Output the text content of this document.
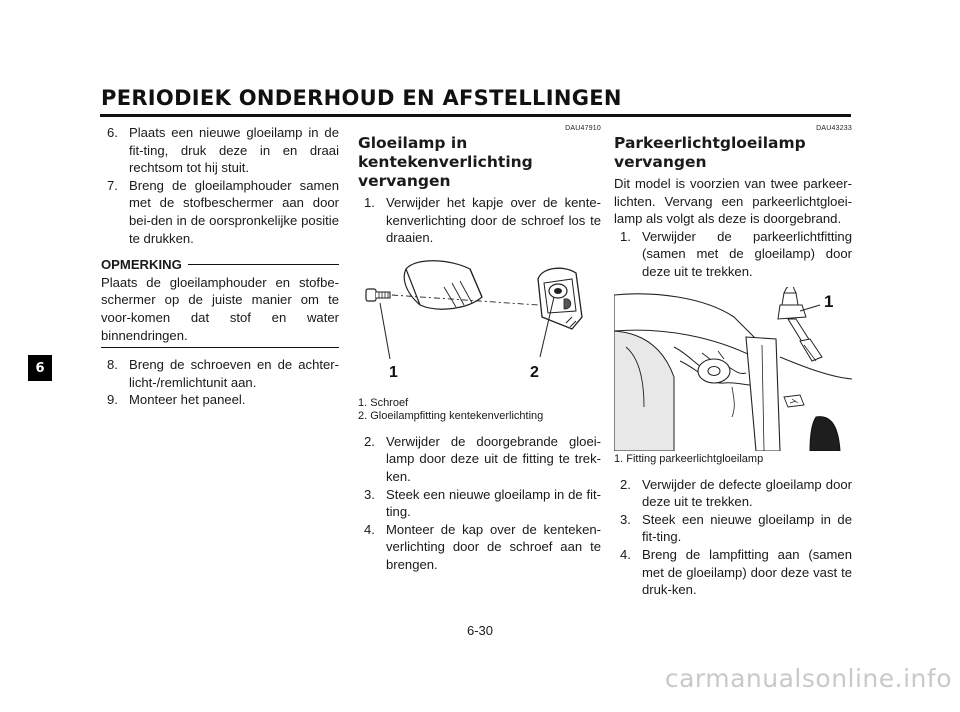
PERIODIEK ONDERHOUD EN AFSTELLINGEN
6
6. Plaats een nieuwe gloeilamp in de fit-ting, druk deze in en draai rechtsom tot hij stuit.
7. Breng de gloeilamphouder samen met de stofbeschermer aan door bei-den in de oorspronkelijke positie te drukken.
OPMERKING
Plaats de gloeilamphouder en stofbe-schermer op de juiste manier om te voor-komen dat stof en water binnendringen.
8. Breng de schroeven en de achter-licht-/remlichtunit aan.
9. Monteer het paneel.
DAU47910
Gloeilamp in kentekenverlichting vervangen
1. Verwijder het kapje over de kente-kenverlichting door de schroef los te draaien.
1	2
1. Schroef
2. Gloeilampfitting kentekenverlichting
2. Verwijder de doorgebrande gloei-lamp door deze uit de fitting te trek-ken.
3. Steek een nieuwe gloeilamp in de fit-ting.
4. Monteer de kap over de kenteken-verlichting door de schroef aan te brengen.
DAU43233
Parkeerlichtgloeilamp vervangen
Dit model is voorzien van twee parkeer-lichten. Vervang een parkeerlichtgloei-lamp als volgt als deze is doorgebrand.
1. Verwijder de parkeerlichtfitting (samen met de gloeilamp) door deze uit te trekken.
1
1. Fitting parkeerlichtgloeilamp
2. Verwijder de defecte gloeilamp door deze uit te trekken.
3. Steek een nieuwe gloeilamp in de fit-ting.
4. Breng de lampfitting aan (samen met de gloeilamp) door deze vast te druk-ken.
6-30
carmanualsonline.info
